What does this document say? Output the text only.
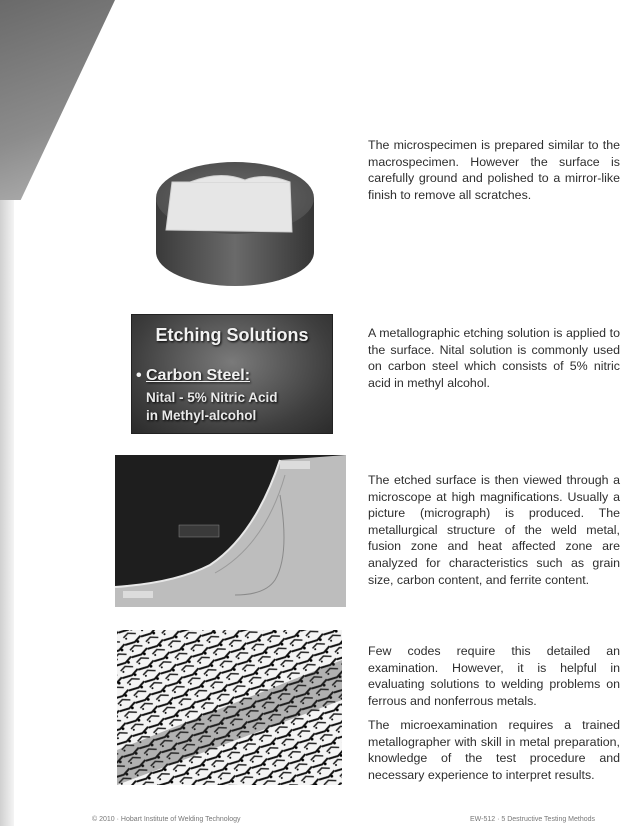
The microspecimen is prepared similar to the macrospecimen. However the surface is carefully ground and polished to a mirror-like finish to remove all scratches.

Etching Solutions
• Carbon Steel:
Nital - 5% Nitric Acid
in Methyl-alcohol

A metallographic etching solution is applied to the surface. Nital solution is commonly used on carbon steel which consists of 5% nitric acid in methyl alcohol.

The etched surface is then viewed through a microscope at high magnifications. Usually a picture (micrograph) is produced. The metallurgical structure of the weld metal, fusion zone and heat affected zone are analyzed for characteristics such as grain size, carbon content, and ferrite content.

Few codes require this detailed an examination. However, it is helpful in evaluating solutions to welding problems on ferrous and nonferrous metals.

The microexamination requires a trained metallographer with skill in metal preparation, knowledge of the test procedure and necessary experience to interpret results.

© 2010 · Hobart Institute of Welding Technology	EW-512 · 5 Destructive Testing Methods
